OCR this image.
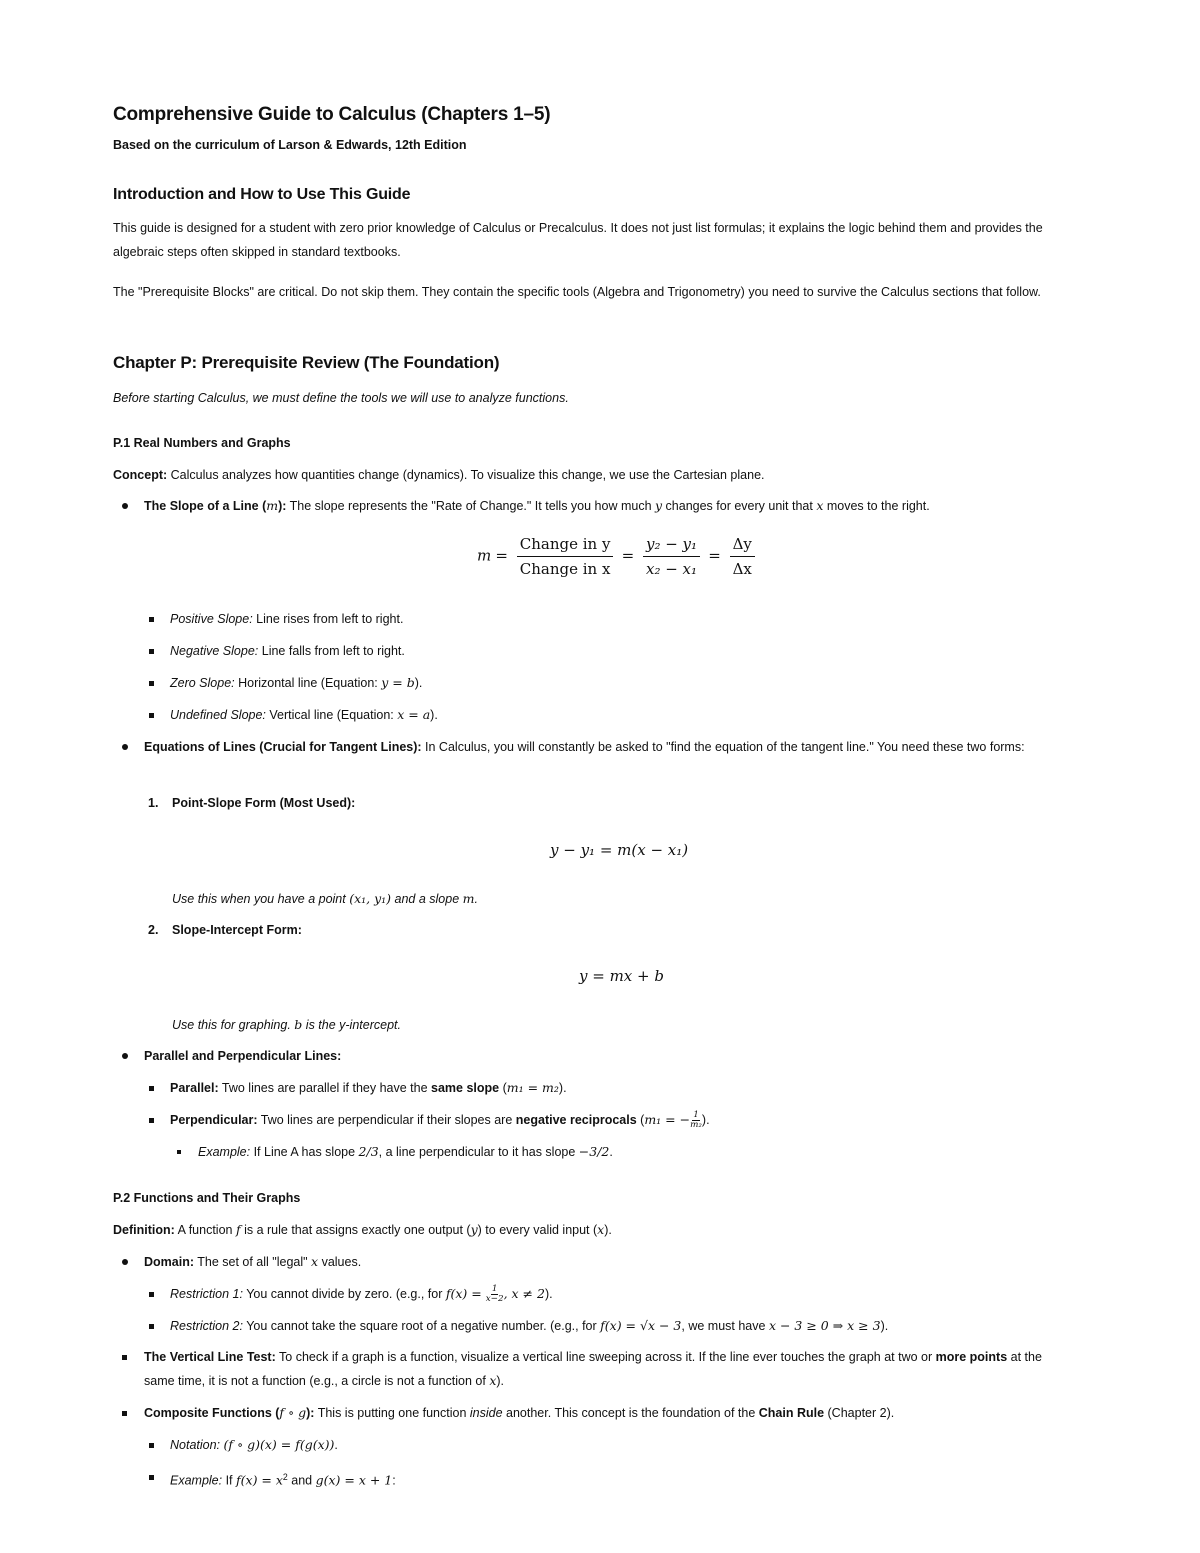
Comprehensive Guide to Calculus (Chapters 1–5)
Based on the curriculum of Larson & Edwards, 12th Edition
Introduction and How to Use This Guide

This guide is designed for a student with zero prior knowledge of Calculus or Precalculus. It does not just list formulas; it explains the logic behind them and provides the algebraic steps often skipped in standard textbooks.

The "Prerequisite Blocks" are critical. Do not skip them. They contain the specific tools (Algebra and Trigonometry) you need to survive the Calculus sections that follow.

Chapter P: Prerequisite Review (The Foundation)

Before starting Calculus, we must define the tools we will use to analyze functions.

P.1 Real Numbers and Graphs
Concept: Calculus analyzes how quantities change (dynamics). To visualize this change, we use the Cartesian plane.
The Slope of a Line (m): The slope represents the "Rate of Change." It tells you how much y changes for every unit that x moves to the right.
$m = \frac{\text{Change in y}}{\text{Change in x}} = \frac{\text{y₂ − y₁}}{\text{x₂ − x₁}} = \frac{\Delta y}{\Delta x}$
Positive Slope: Line rises from left to right.
Negative Slope: Line falls from left to right.
Zero Slope: Horizontal line (Equation: y = b).
Undefined Slope: Vertical line (Equation: x = a).
Equations of Lines (Crucial for Tangent Lines): In Calculus, you will constantly be asked to "find the equation of the tangent line." You need these two forms:
1. Point-Slope Form (Most Used):
y − y₁ = m(x − x₁)
Use this when you have a point (x₁, y₁) and a slope m.
2. Slope-Intercept Form:
y = mx + b
Use this for graphing. b is the y-intercept.
Parallel and Perpendicular Lines:
Parallel: Two lines are parallel if they have the same slope (m₁ = m₂).
Perpendicular: Two lines are perpendicular if their slopes are negative reciprocals (m₁ = − $\frac{1}{\text{m₂}}$ ).
Example: If Line A has slope 2/3, a line perpendicular to it has slope −3/2.
P.2 Functions and Their Graphs
Definition: A function f is a rule that assigns exactly one output (y) to every valid input (x).
Domain: The set of all "legal" x values.
Restriction 1: You cannot divide by zero. (e.g., for $f(x) = \frac{1}{x-2}$ , x ≠ 2).
Restriction 2: You cannot take the square root of a negative number. (e.g., for f(x) = √x − 3, we must have x − 3 ≥ 0 ⇒ x ≥ 3).
The Vertical Line Test: To check if a graph is a function, visualize a vertical line sweeping across it. If the line ever touches the graph at two or more points at the same time, it is not a function (e.g., a circle is not a function of x).
Composite Functions (f ∘ g): This is putting one function inside another. This concept is the foundation of the Chain Rule (Chapter 2).
Notation: (f ∘ g)(x) = f(g(x)).
Example: If $f(x) = x^2$ and g(x) = x + 1:
